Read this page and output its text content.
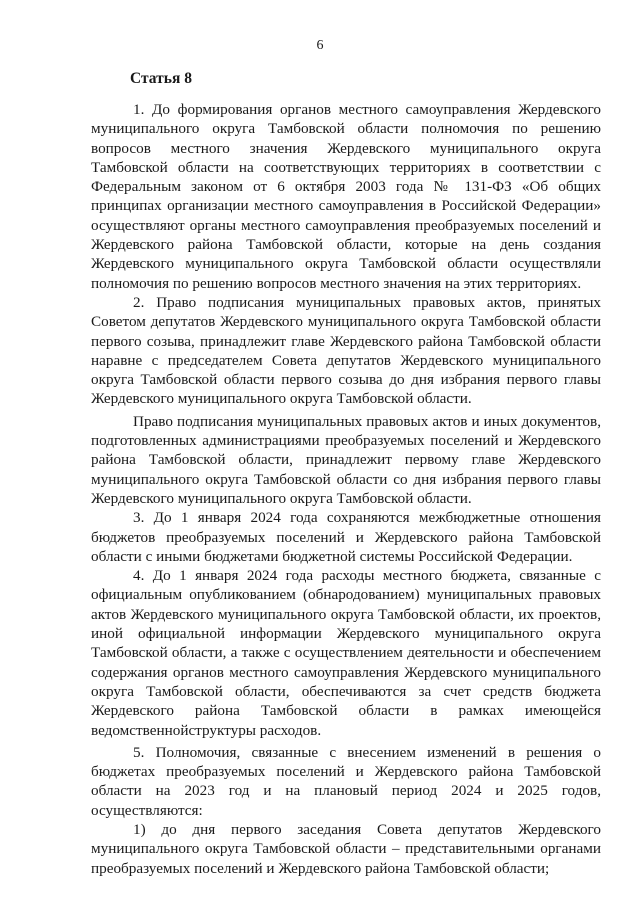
6
Статья 8

1. До формирования органов местного самоуправления Жердевского муниципального округа Тамбовской области полномочия по решению вопросов местного значения Жердевского муниципального округа Тамбовской области на соответствующих территориях в соответствии с Федеральным законом от 6 октября 2003 года № 131-ФЗ «Об общих принципах организации местного самоуправления в Российской Федерации» осуществляют органы местного самоуправления преобразуемых поселений и Жердевского района Тамбовской области, которые на день создания Жердевского муниципального округа Тамбовской области осуществляли полномочия по решению вопросов местного значения на этих территориях.

2. Право подписания муниципальных правовых актов, принятых Советом депутатов Жердевского муниципального округа Тамбовской области первого созыва, принадлежит главе Жердевского района Тамбовской области наравне с председателем Совета депутатов Жердевского муниципального округа Тамбовской области первого созыва до дня избрания первого главы Жердевского муниципального округа Тамбовской области.

Право подписания муниципальных правовых актов и иных документов, подготовленных администрациями преобразуемых поселений и Жердевского района Тамбовской области, принадлежит первому главе Жердевского муниципального округа Тамбовской области со дня избрания первого главы Жердевского муниципального округа Тамбовской области.

3. До 1 января 2024 года сохраняются межбюджетные отношения бюджетов преобразуемых поселений и Жердевского района Тамбовской области с иными бюджетами бюджетной системы Российской Федерации.

4. До 1 января 2024 года расходы местного бюджета, связанные с официальным опубликованием (обнародованием) муниципальных правовых актов Жердевского муниципального округа Тамбовской области, их проектов, иной официальной информации Жердевского муниципального округа Тамбовской области, а также с осуществлением деятельности и обеспечением содержания органов местного самоуправления Жердевского муниципального округа Тамбовской области, обеспечиваются за счет средств бюджета Жердевского района Тамбовской области в рамках имеющейся ведомственнойструктуры расходов.

5. Полномочия, связанные с внесением изменений в решения о бюджетах преобразуемых поселений и Жердевского района Тамбовской области на 2023 год и на плановый период 2024 и 2025 годов, осуществляются:

1) до дня первого заседания Совета депутатов Жердевского муниципального округа Тамбовской области – представительными органами преобразуемых поселений и Жердевского района Тамбовской области;
